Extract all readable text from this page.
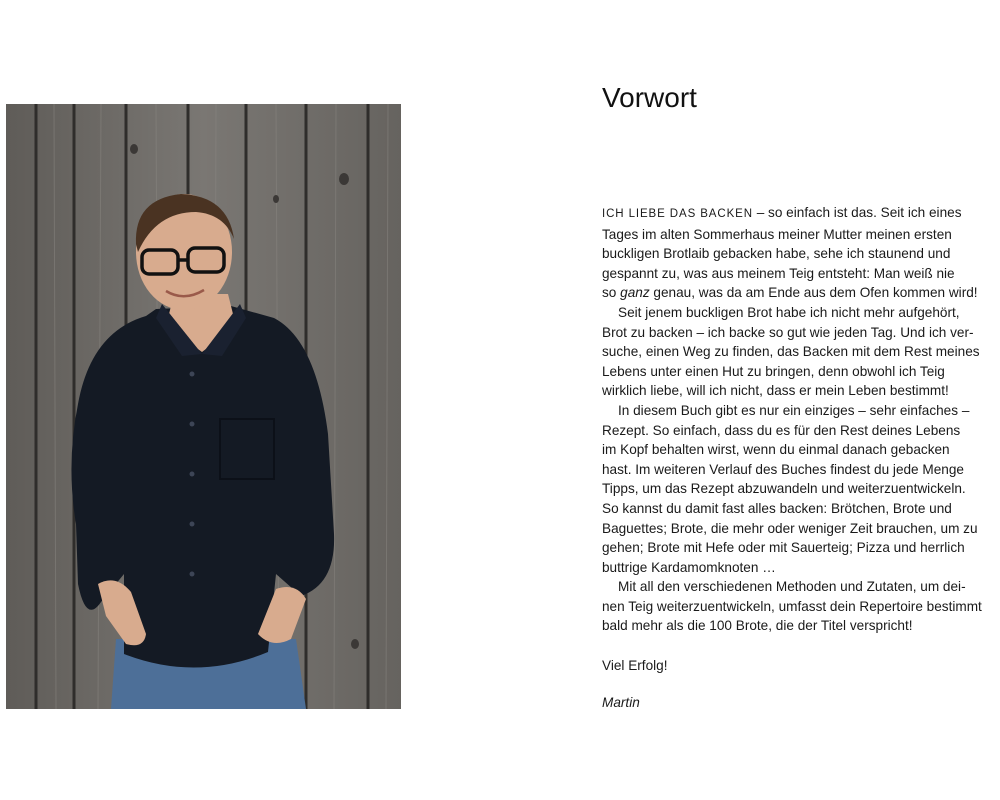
Vorwort
ICH LIEBE DAS BACKEN – so einfach ist das. Seit ich eines
Tages im alten Sommerhaus meiner Mutter meinen ersten
buckligen Brotlaib gebacken habe, sehe ich staunend und
gespannt zu, was aus meinem Teig entsteht: Man weiß nie
so ganz genau, was da am Ende aus dem Ofen kommen wird!
Seit jenem buckligen Brot habe ich nicht mehr aufgehört,
Brot zu backen – ich backe so gut wie jeden Tag. Und ich ver-
suche, einen Weg zu finden, das Backen mit dem Rest meines
Lebens unter einen Hut zu bringen, denn obwohl ich Teig
wirklich liebe, will ich nicht, dass er mein Leben bestimmt!
In diesem Buch gibt es nur ein einziges – sehr einfaches –
Rezept. So einfach, dass du es für den Rest deines Lebens
im Kopf behalten wirst, wenn du einmal danach gebacken
hast. Im weiteren Verlauf des Buches findest du jede Menge
Tipps, um das Rezept abzuwandeln und weiterzuentwickeln.
So kannst du damit fast alles backen: Brötchen, Brote und
Baguettes; Brote, die mehr oder weniger Zeit brauchen, um zu
gehen; Brote mit Hefe oder mit Sauerteig; Pizza und herrlich
buttrige Kardamomknoten …
Mit all den verschiedenen Methoden und Zutaten, um dei-
nen Teig weiterzuentwickeln, umfasst dein Repertoire bestimmt
bald mehr als die 100 Brote, die der Titel verspricht!
Viel Erfolg!
Martin
